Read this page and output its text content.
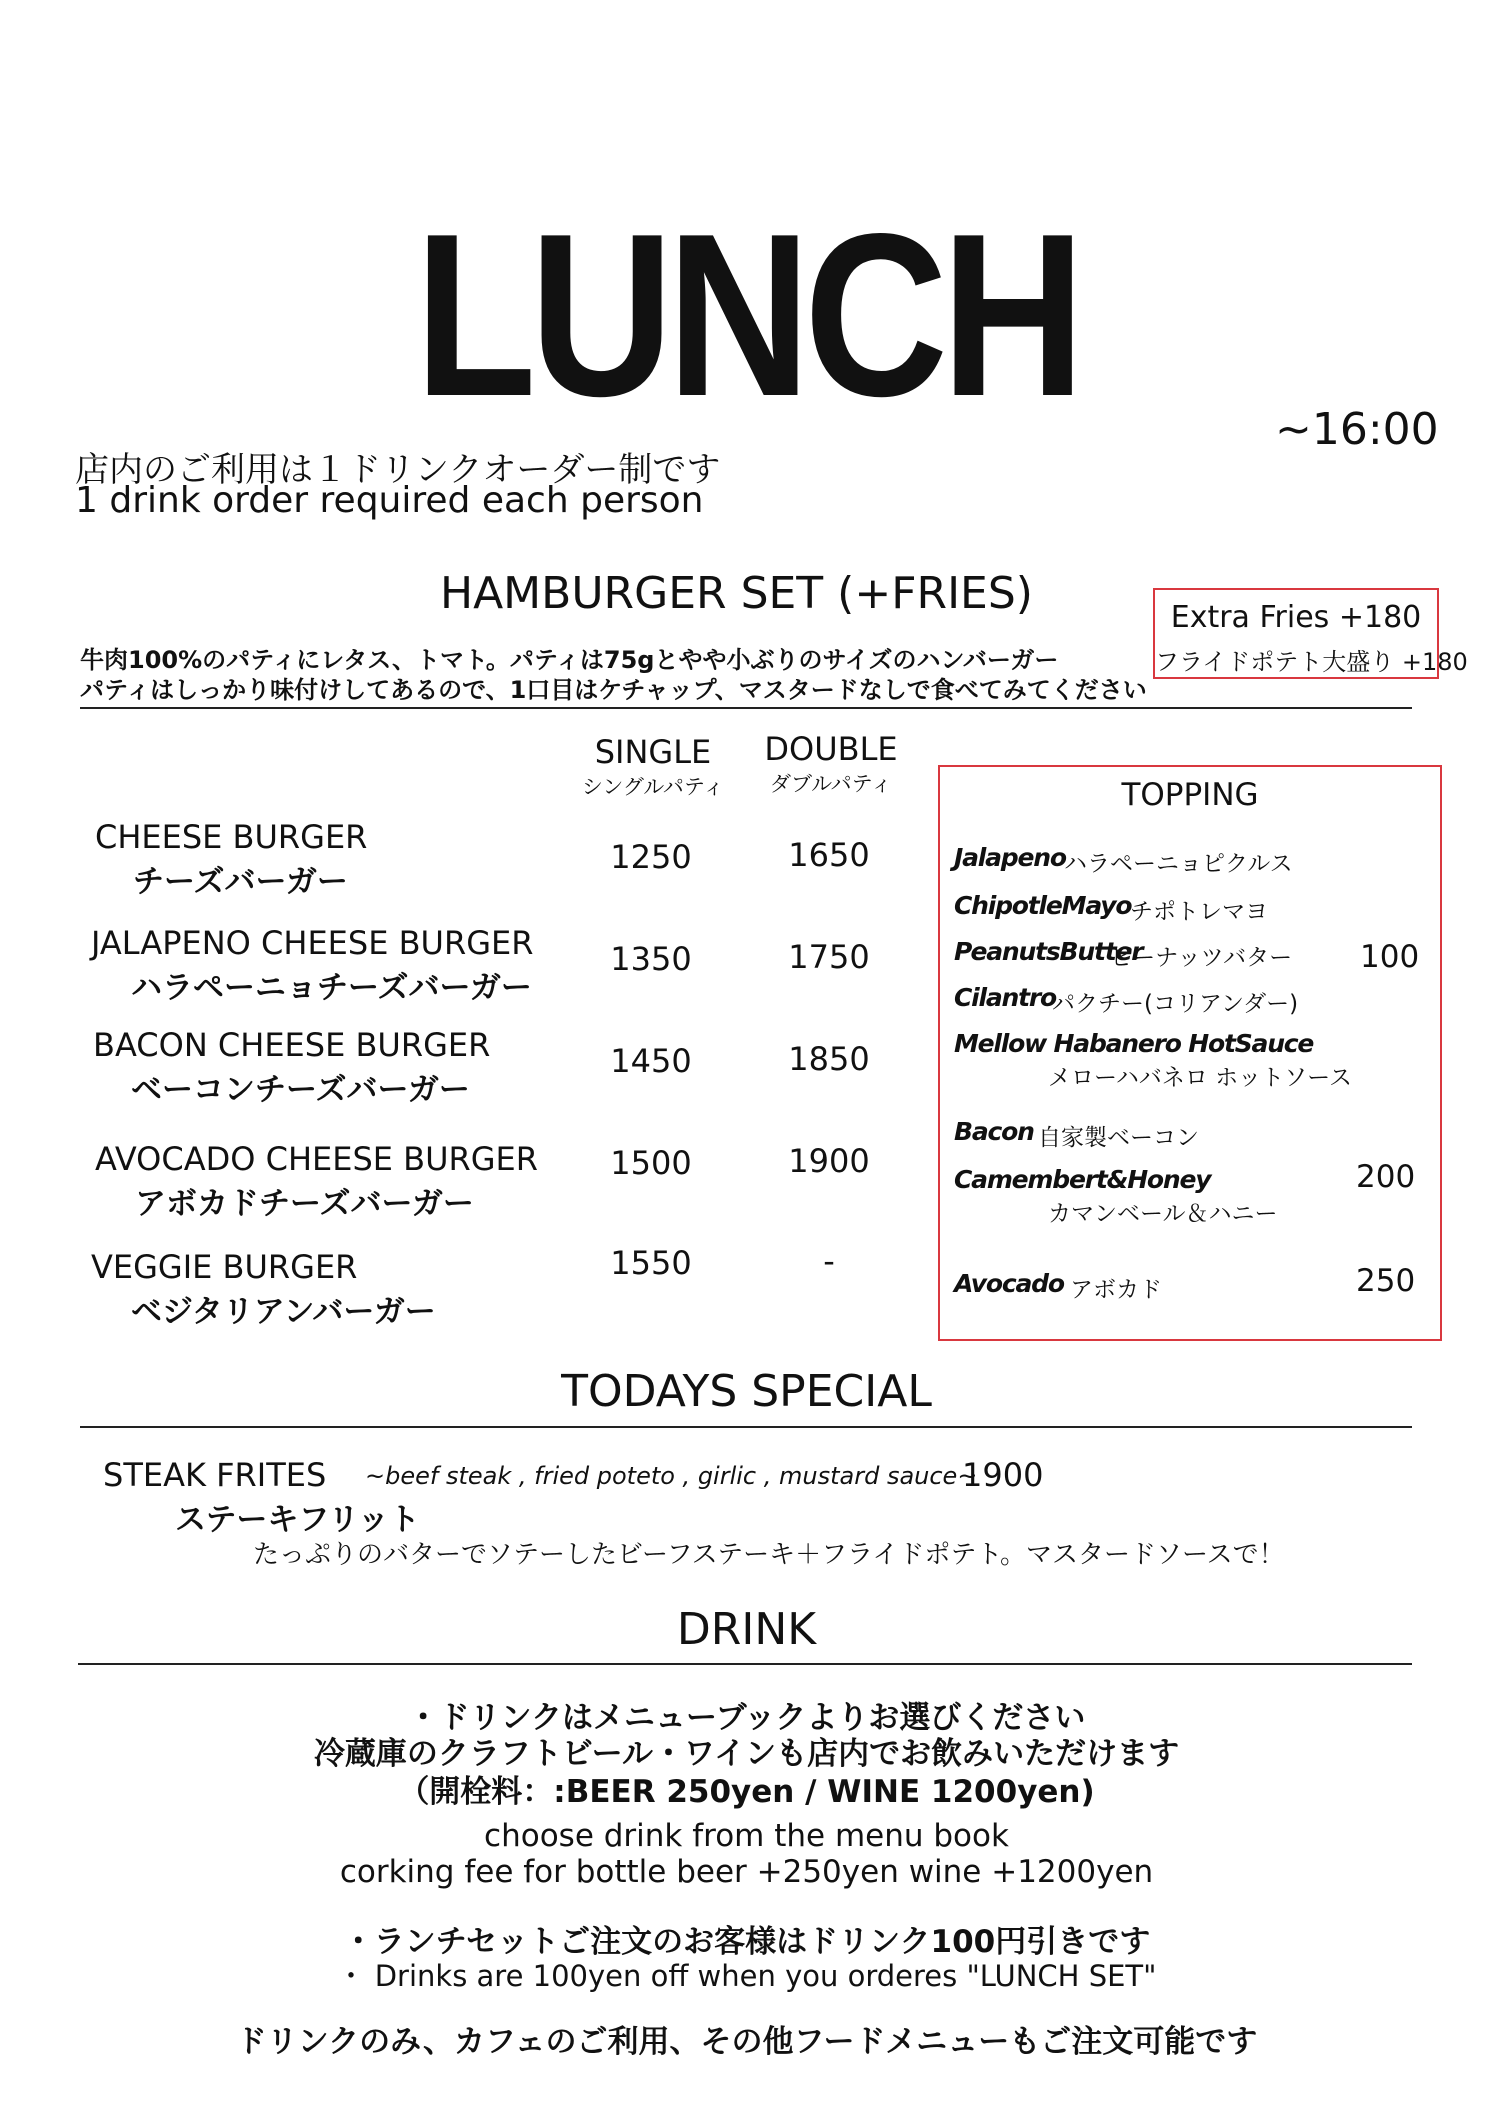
LUNCH	~16:00
店内のご利用は１ドリンクオーダー制です
1 drink order required each person
HAMBURGER SET (+FRIES)
牛肉100%のパティにレタス、トマト。パティは75gとやや小ぶりのサイズのハンバーガー
パティはしっかり味付けしてあるので、1口目はケチャップ、マスタードなしで食べてみてください
Extra Fries +180
フライドポテト大盛り +180
SINGLE
シングルパティ
DOUBLE
ダブルパティ
CHEESE BURGER
チーズバーガー
1250	1650
JALAPENO CHEESE BURGER
ハラペーニョチーズバーガー
1350	1750
BACON CHEESE BURGER
ベーコンチーズバーガー
1450	1850
AVOCADO CHEESE BURGER
アボカドチーズバーガー
1500	1900
VEGGIE BURGER
ベジタリアンバーガー
1550	-
TOPPING
Jalapeno
ハラペーニョピクルス
ChipotleMayo
チポトレマヨ
PeanutsButter
ピーナッツバター 100
Cilantro
パクチー(コリアンダー)
Mellow Habanero HotSauce
メローハバネロ ホットソース
Bacon 自家製ベーコン
Camembert&Honey
カマンベール＆ハニー
200
Avocado アボカド	250
TODAYS SPECIAL
STEAK FRITES ~beef steak , fried poteto , girlic , mustard sauce~
1900
ステーキフリット
たっぷりのバターでソテーしたビーフステーキ＋フライドポテト。マスタードソースで！
DRINK
・ドリンクはメニューブックよりお選びください
冷蔵庫のクラフトビール・ワインも店内でお飲みいただけます
（開栓料：:BEER 250yen / WINE 1200yen)
choose drink from the menu book
corking fee for bottle beer +250yen wine +1200yen
・ランチセットご注文のお客様はドリンク100円引きです
・ Drinks are 100yen off when you orderes "LUNCH SET"
ドリンクのみ、カフェのご利用、その他フードメニューもご注文可能です
